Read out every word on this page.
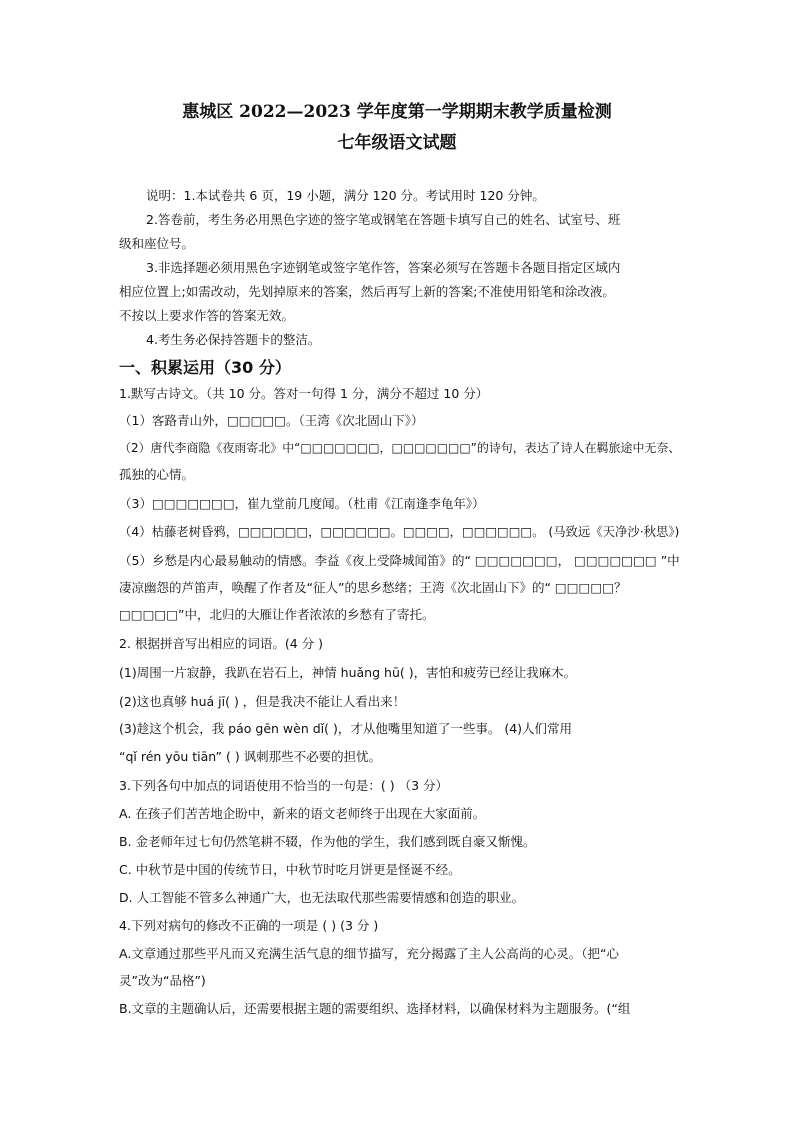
惠城区 2022—2023 学年度第一学期期末教学质量检测
七年级语文试题
说明：1.本试卷共 6 页，19 小题，满分 120 分。考试用时 120 分钟。
2.答卷前，考生务必用黑色字迹的签字笔或钢笔在答题卡填写自己的姓名、试室号、班
级和座位号。
3.非选择题必须用黑色字迹钢笔或签字笔作答，答案必须写在答题卡各题目指定区域内
相应位置上;如需改动，先划掉原来的答案，然后再写上新的答案;不准使用铅笔和涂改液。
不按以上要求作答的答案无效。
4.考生务必保持答题卡的整洁。
一、积累运用（30 分）
1.默写古诗文。（共 10 分。答对一句得 1 分，满分不超过 10 分）
（1）客路青山外，□□□□□。（王湾《次北固山下》）
（2）唐代李商隐《夜雨寄北》中“□□□□□□□，□□□□□□□”的诗句，表达了诗人在羁旅途中无奈、
孤独的心情。
（3）□□□□□□□，崔九堂前几度闻。（杜甫《江南逢李龟年》）
（4）枯藤老树昏鸦，□□□□□□，□□□□□□。□□□□，□□□□□□。 (马致远《天净沙·秋思》)
（5）乡愁是内心最易触动的情感。李益《夜上受降城闻笛》的“ □□□□□□□， □□□□□□□ ”中
凄凉幽怨的芦笛声，唤醒了作者及“征人”的思乡愁绪；王湾《次北固山下》的“ □□□□□？
□□□□□”中，北归的大雁让作者浓浓的乡愁有了寄托。
2. 根据拼音写出相应的词语。(4 分 )
(1)周围一片寂静，我趴在岩石上，神情 huǎng hū( )，害怕和疲劳已经让我麻木。
(2)这也真够 huá jī( ) ，但是我决不能让人看出来！
(3)趁这个机会，我 páo gēn wèn dǐ( )，才从他嘴里知道了一些事。 (4)人们常用
“qǐ rén yōu tiān” ( ) 讽刺那些不必要的担忧。
3.下列各句中加点的词语使用不恰当的一句是：( ) （3 分）
A. 在孩子们苦苦地企盼中，新来的语文老师终于出现在大家面前。
B. 金老师年过七旬仍然笔耕不辍，作为他的学生，我们感到既自豪又惭愧。
C. 中秋节是中国的传统节日，中秋节时吃月饼更是怪诞不经。
D. 人工智能不管多么神通广大，也无法取代那些需要情感和创造的职业。
4.下列对病句的修改不正确的一项是 ( ) (3 分 )
A.文章通过那些平凡而又充满生活气息的细节描写，充分揭露了主人公高尚的心灵。（把“心
灵”改为“品格”)
B.文章的主题确认后，还需要根据主题的需要组织、选择材料，以确保材料为主题服务。(“组
